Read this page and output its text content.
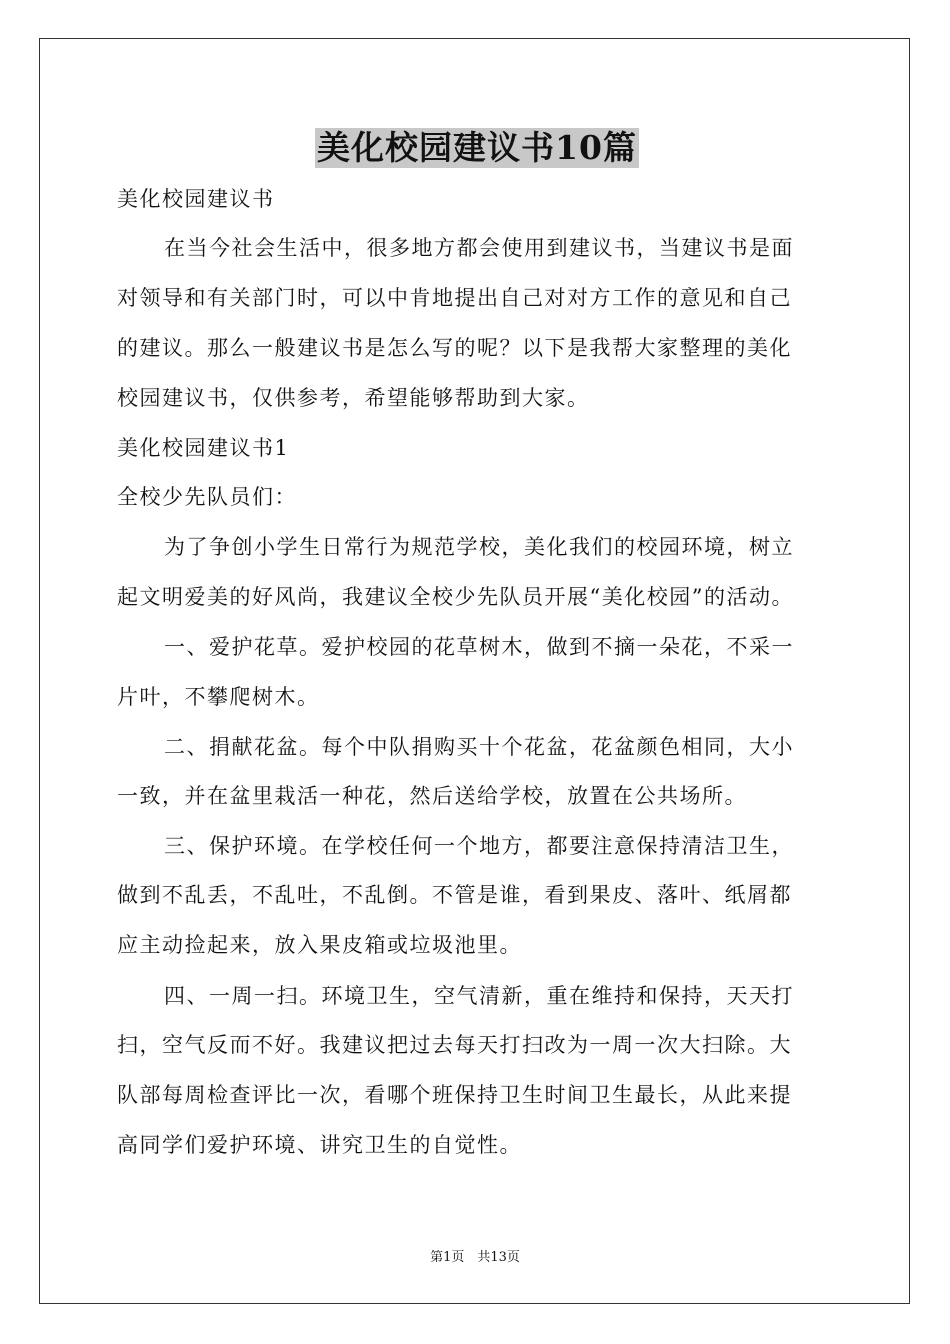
美化校园建议书10篇
美化校园建议书
在当今社会生活中，很多地方都会使用到建议书，当建议书是面
对领导和有关部门时，可以中肯地提出自己对对方工作的意见和自己
的建议。那么一般建议书是怎么写的呢？以下是我帮大家整理的美化
校园建议书，仅供参考，希望能够帮助到大家。
美化校园建议书1
全校少先队员们：
为了争创小学生日常行为规范学校，美化我们的校园环境，树立
起文明爱美的好风尚，我建议全校少先队员开展“美化校园”的活动。
一、爱护花草。爱护校园的花草树木，做到不摘一朵花，不采一
片叶，不攀爬树木。
二、捐献花盆。每个中队捐购买十个花盆，花盆颜色相同，大小
一致，并在盆里栽活一种花，然后送给学校，放置在公共场所。
三、保护环境。在学校任何一个地方，都要注意保持清洁卫生，
做到不乱丢，不乱吐，不乱倒。不管是谁，看到果皮、落叶、纸屑都
应主动捡起来，放入果皮箱或垃圾池里。
四、一周一扫。环境卫生，空气清新，重在维持和保持，天天打
扫，空气反而不好。我建议把过去每天打扫改为一周一次大扫除。大
队部每周检查评比一次，看哪个班保持卫生时间卫生最长，从此来提
高同学们爱护环境、讲究卫生的自觉性。
第1页　共13页
